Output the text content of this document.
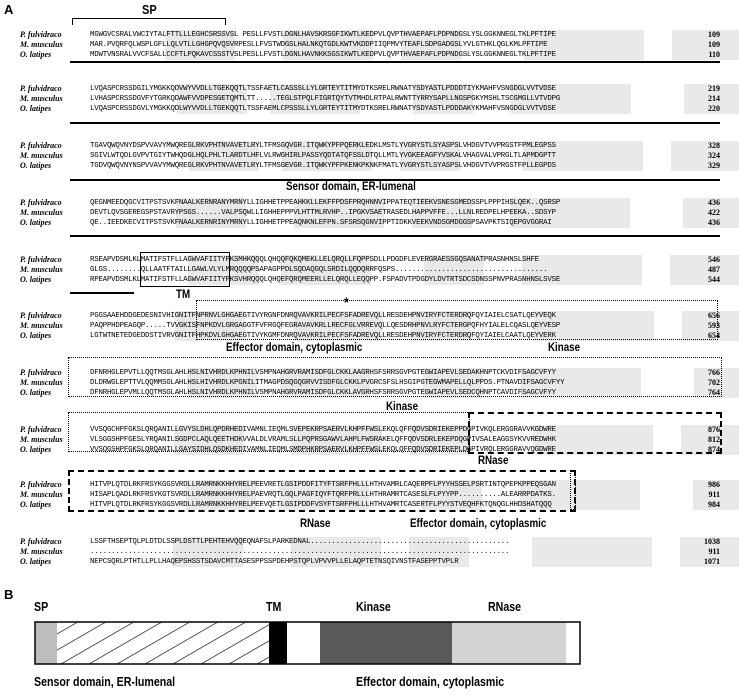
A
P. fulvidraco	MGWGVCSRALVWCIYTALFTTLLLEGHCSRSSVSL PESLLFVSTLDGNLHAVSKRSGFIKWTLKEDPVLQVPTHVAEPAFLPDPNDGSLYSLGGKNNEGLTKLPFTIPE	109
M. musculus	MAR.PVQRFQLWSPLGFLLQLVTLLGHGPQVQSVRPESLLFVSTWDGSLHALNKQTGDLKWTVKDDPIIQPMVYTEAFLSDPGADGSLYVLGTHKLQGLKMLPFTIPE	109
O. latipes	MDWTVNSRALVVCFSALLCCFTLPQKAVCSSSTVSLPESLLFVSTLDGNLHAVNKKSGSIKWTLKEDPVLQVPTHVAEPAFLPDPNDGSLYSLGGKNNEGLTKLPFTIPE	110
P. fulvidraco	LVQASPCRSSDGILYMGKKQDVWYVVDLLTGEKQQTLTSSFAETLCASSSLLYLGRTEYTITMYDTKSRELRWNATYSDYASTLPDDDTIYKMAHFVSNGDGLVVTVDSE	219
M. musculus	LVHASPCRSSDGVFYTGRKQDAWFVVDPESGETQMTLTT.....TEGLSTPQLFIGRTQYTVTMHDLRTPALRWNTTYRRYSAPLLNGSPGKYMSHLTSCGMGLLVTVDPG	214
O. latipes	LVQASPCRSSDGVLYMGKKQDLWYVVDLLTGEKQQTLTSSFAEMLCPSSSLLYLGRTEYTITMYDTKSRELRWNATYSDYASTLPDDDAKYKMAHFVSNGDGLVVTVDSE	220
P. fulvidraco	TGAVQWQVNYDSPVVAVYMWQREGLRKVPHTNVAVETLRYLTFMSGQVGR.ITQWKYPFPQERKLEDKLMSTLYVGRYSTLSYASPSLVHDGVTVVPRGSTFPMLEGPSS	328
M. musculus	SGIVLWTQDLGVPVTGIYTWHQDGLHQLPHLTLARDTLHFLVLRWGHIRLPASSYQDTATQFSSLDTQLLMTLYVGKEEAGFYVSKALVHAGVALVPRGLTLAPMDGPTT	324
O. latipes	TGDVQWQVNYNSPVVAVYMWQREGLRKVPHTNVAVETLRYLTFMSGEVGR.ITQWKYPFPKENKPKNKFMATLYVGRYSTLSYASPSLVHDGVTVVPRGSTFPLLEGPDS	329
P. fulvidraco	QEGNMEEDQGCVITPSTSVKFNAALKERNRANYMRNYLLIGHHETPPEAHKKLLEKFFPDSFPRQHNNVIPPATEQTIEEKVSNESGMEDSSPLPPPIHSLQEK..QSRSP	436
M. musculus	DEVTLQVSGEREGSPSTAVRYPSGS......VALPSQWLLIGHHEPPPVLHTTMLRVHP..IPGKVSAETRASEDLHAPPVFFE...LLNLREDPELHPEEKA..SDSYP	422
O. latipes	QE..IEEDKECVITPSTSVKFNAALKERNRINYMRNYLLIGHHETPPEAQNKNLEFPN.SFSRSQGNVIPPTIDKKVEEKVNDSGMDGGSPSAVPKTSIQEPGVGGRAI	436
P. fulvidraco	RSEAPVDSMLKLMATIFSTFLLAGWVAFIITYPKSMHKQQQLQHQQFQKQMEKLLELQRQLLFQPPSDLLPDGDFLEVERGRAESSGQSANATPRASNHNSLSHFE	546
M. musculus	GLGS........QLLAATFTAILLGAWLVLYLMRQQQQPSAPAGPPDLSQDAQGQLSRDILQQDQRRFQSPS....................................	487
O. latipes	RPEAPVDSMLKLMATIFSTFLLAGWVAFIITYPKSVHRQQQLQHQEFQRQMEERLLELQRQLLEQQPP.FSPADVTPDGDYLDVTRTSDCSDNSSPNVPRASNHNSLSVSE	544
P. fulvidraco	PGGSAAEHDDGEDESNIVHIGNITFNPRNVLGHGAEGTIVYRGNFDNRQVAVKRILPECFSFADREVQLLRESDEHPNVIRYFCTERDRQFQYIAIELCSATLQEYVEQK	656
M. musculus	PAQPPHDPEAGQP.....TVVGKISFNPKDVLGRGAGGTFVFRGQFEGRAVAVKRLLRECFGLVRREVQLLQESDRHPNVLRYFCTERGPQFHYIALELCQASLQEYVESP	593
O. latipes	LGTWTNETEDGEDDSTIVRVGNITFHPKDVLGHGAEGTIVYKGMFDNRQVAVKRILPECFSFADREVQLLRESDEHPNVIRYFCTERDRQFQYIAIELCAATLQEYVERK	654
P. fulvidraco	DFNRHGLEPVTLLQQTMSGLAHLHSLNIVHRDLKPHNILVSMPNAHGRVRAMISDFGLCKKLAAGRHSFSRRSGVPGTEGWIAPEVLSEDAKHNPTCKVDIFSAGCVFYY	766
M. musculus	DLDRWGLEPTTVLQQMMSGLAHLHSLHIVHRDLKPGNILITMAGPDSQGQGRVVISDFGLCKKLPVGRCSFSLHSGIPGTEGWMAPELLQLPPDS.PTNAVDIFSAGCVFYY	702
O. latipes	DFNRHGLEPVMLLQQTMSGLAHLHSLNIVHRDLKPHNILVSMPNAHGRVRAMISDFGLCKKLAVGRHSFSRRSGVPGTEGWIAPEVLSEDCQHNPTCAVDIFSAGCVFYY	764
P. fulvidraco	VVSQGCHPFGKSLQRQANILLGVYSLDHLQPDRHEDIVAMNLIEQMLSVEPEKRPSAERVLKHPFFWSLEKQLQFFQDVSDRIEKEPPDGPIVKQLERGGRAVVKGDWRE	876
M. musculus	VLSGGSHPFGESLYRQANILSGDPCLAQLQEETHDKVVALDLVRAMLSLLPQPRSGAWVLAHPLFWSRAKELQFFQDVSDRLEKEPDQGPIVSALEAGGSYKVVREDWHK	812
O. latipes	VVSQGSHPFGKSLQRQANILLGAYSIDHLQSDKHEDIVAMNLIEQMLSMDPHKRPSAERVLKHPFFWSLEKQLQFFQDVSDRIEKEPLDGPIVRQLERGGRAVVQGDWRE	874
P. fulvidraco	HITVPLQTDLRKFRSYKGGSVRDLLRAMRNKKHHYRELPEEVRETLGSIPDDFITYFTSRFPHLLLHTHVAMRLCAQERPFLPYYHSSELPSRTINTQPEPKPPEQSGAN	986
M. musculus	HISAPLQADLRKFRSYKGTSVRDLLRAMRNKKHHYRELPAEVRQTLGQLPAGFIQYFTQRFPRLLLHTHRAMRTCASESLFLPYYPP..........ALEARRPDATKS.	911
O. latipes	HITVPLQTDLRKFRSYKGGSVRDLLRAMRNKKHHYRELPEEVQETLGSIPDDFVSYFTSRFPHLLLHTHVAMRTCASERTFLPYYSTVEQHFKTQNQGLHHDSHATQQQ	984
P. fulvidraco	LSSFTHSEPTQLPLDTDLSSPLDSTTLPEHTEHVQQEQNAFSLPARKEDNAL...............................................	1038
M. musculus	...................................................................................................	911
O. latipes	NEPCSQRLPTHTLLPLLHAQEPSHSSTSDAVCMTTASESPPSSPDEHPSTQPLVPVVPLLELAQPTETNSQIVNSTFASEPPTVPLR	1071
SP
Sensor domain, ER-lumenal
TM	*
Effector domain, cytoplasmic	Kinase
Kinase
RNase
RNase	Effector domain, cytoplasmic
B
SP	TM	Kinase	RNase
Sensor domain, ER-lumenal	Effector domain, cytoplasmic
